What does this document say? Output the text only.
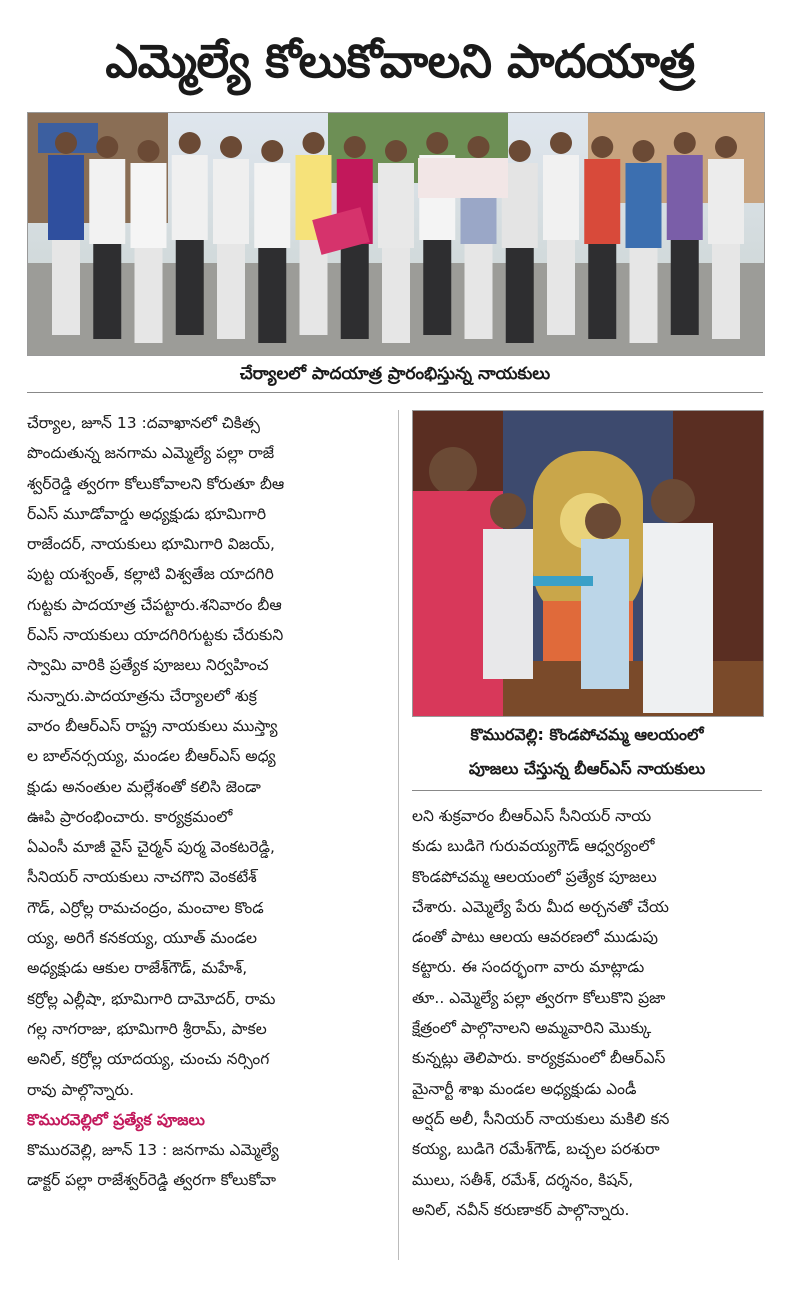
ఎమ్మెల్యే కోలుకోవాలని పాదయాత్ర
చేర్యాలలో పాదయాత్ర ప్రారంభిస్తున్న నాయకులు
కొమురవెల్లి: కొండపోచమ్మ ఆలయంలో
పూజలు చేస్తున్న బీఆర్‌ఎస్ నాయకులు
చేర్యాల, జూన్ 13 :దవాఖానలో చికిత్స
పొందుతున్న జనగామ ఎమ్మెల్యే పల్లా రాజే
శ్వర్‌రెడ్డి త్వరగా కోలుకోవాలని కోరుతూ బీఆ
ర్‌ఎస్ మూడోవార్డు అధ్యక్షుడు భూమిగారి
రాజేందర్, నాయకులు భూమిగారి విజయ్,
పుట్ట యశ్వంత్, కల్లాటి విశ్వతేజ యాదగిరి
గుట్టకు పాదయాత్ర చేపట్టారు.శనివారం బీఆ
ర్‌ఎస్ నాయకులు యాదగిరిగుట్టకు చేరుకుని
స్వామి వారికి ప్రత్యేక పూజలు నిర్వహించ
నున్నారు.పాదయాత్రను చేర్యాలలో శుక్ర
వారం బీఆర్‌ఎస్ రాష్ట్ర నాయకులు ముస్త్యా
ల బాల్‌నర్సయ్య, మండల బీఆర్‌ఎస్ అధ్య
క్షుడు అనంతుల మల్లేశంతో కలిసి జెండా
ఊపి ప్రారంభించారు. కార్యక్రమంలో
ఏఎంసీ మాజీ వైస్ చైర్మన్ పుర్మ వెంకటరెడ్డి,
సీనియర్ నాయకులు నాచగొని వెంకటేశ్
గౌడ్, ఎర్రోల్ల రామచంద్రం, మంచాల కొండ
య్య, అరిగే కనకయ్య, యూత్ మండల
అధ్యక్షుడు ఆకుల రాజేశ్‌గౌడ్, మహేశ్,
కర్రోల్ల ఎల్లీషా, భూమిగారి దామోదర్, రామ
గల్ల నాగరాజు, భూమిగారి శ్రీరామ్, పాకల
అనిల్, కర్రోల్ల యాదయ్య, చుంచు నర్సింగ
రావు పాల్గొన్నారు.
కొమురవెల్లిలో ప్రత్యేక పూజలు
కొమురవెల్లి, జూన్ 13 : జనగామ ఎమ్మెల్యే
డాక్టర్ పల్లా రాజేశ్వర్‌రెడ్డి త్వరగా కోలుకోవా
లని శుక్రవారం బీఆర్‌ఎస్ సీనియర్ నాయ
కుడు బుడిగె గురువయ్యగౌడ్ ఆధ్వర్యంలో
కొండపోచమ్మ ఆలయంలో ప్రత్యేక పూజలు
చేశారు. ఎమ్మెల్యే పేరు మీద అర్చనతో చేయ
డంతో పాటు ఆలయ ఆవరణలో ముడుపు
కట్టారు. ఈ సందర్భంగా వారు మాట్లాడు
తూ.. ఎమ్మెల్యే పల్లా త్వరగా కోలుకొని ప్రజా
క్షేత్రంలో పాల్గొనాలని అమ్మవారిని మొక్కు
కున్నట్లు తెలిపారు. కార్యక్రమంలో బీఆర్‌ఎస్
మైనార్టీ శాఖ మండల అధ్యక్షుడు ఎండీ
అర్షద్ అలీ, సీనియర్ నాయకులు మకిలి కన
కయ్య, బుడిగె రమేశ్‌గౌడ్, బచ్చల పరశురా
ములు, సతీశ్, రమేశ్, దర్శనం, కిషన్,
అనిల్, నవీన్ కరుణాకర్ పాల్గొన్నారు.
